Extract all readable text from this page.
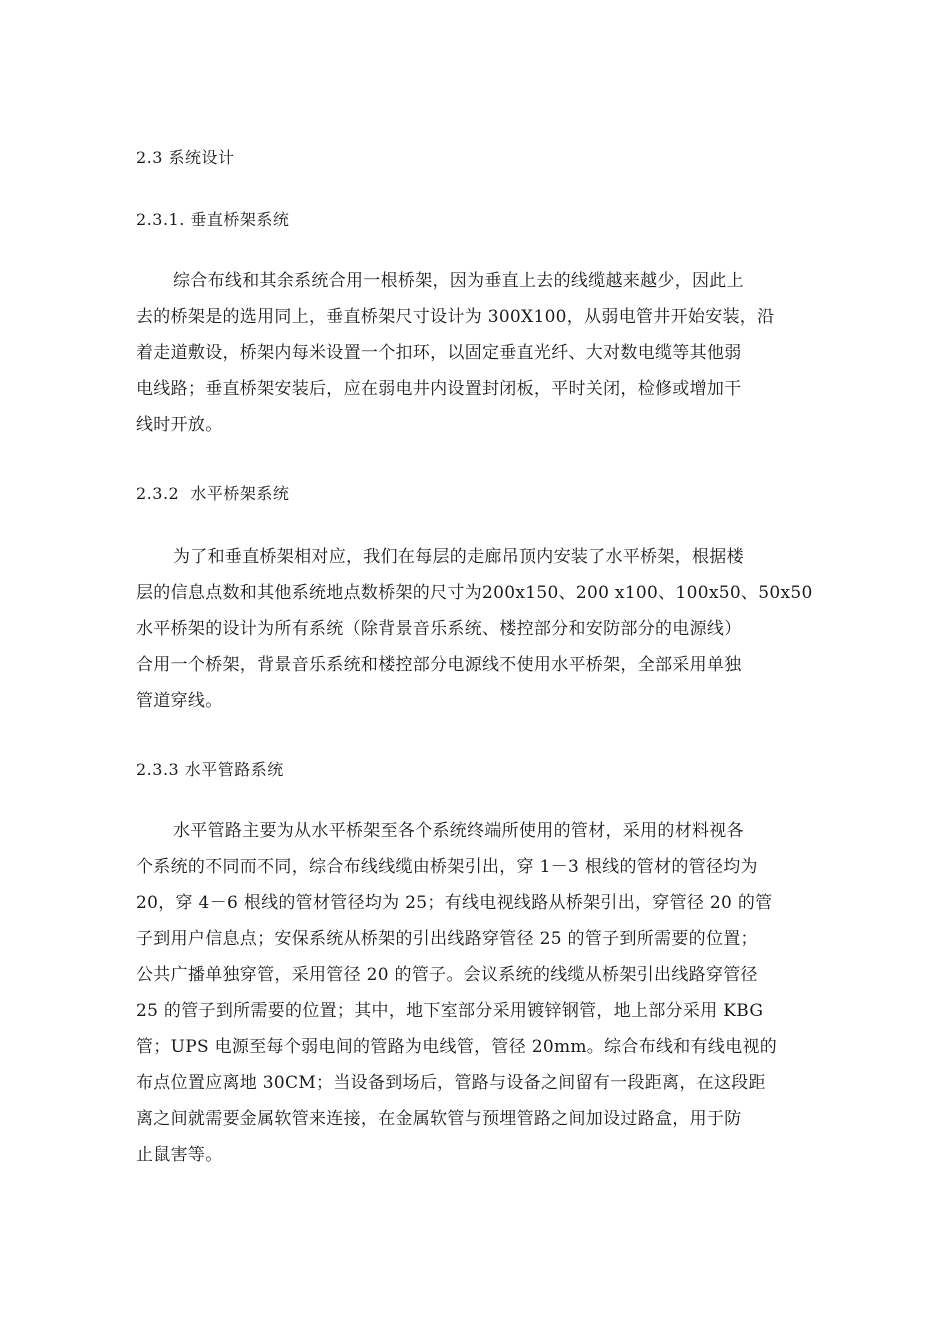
2.3 系统设计
2.3.1. 垂直桥架系统
综合布线和其余系统合用一根桥架，因为垂直上去的线缆越来越少，因此上
去的桥架是的选用同上，垂直桥架尺寸设计为 300X100，从弱电管井开始安装，沿
着走道敷设，桥架内每米设置一个扣环，以固定垂直光纤、大对数电缆等其他弱
电线路；垂直桥架安装后，应在弱电井内设置封闭板，平时关闭，检修或增加干
线时开放。
2.3.2  水平桥架系统
为了和垂直桥架相对应，我们在每层的走廊吊顶内安装了水平桥架，根据楼
层的信息点数和其他系统地点数桥架的尺寸为200x150、200 x100、100x50、50x50
水平桥架的设计为所有系统（除背景音乐系统、楼控部分和安防部分的电源线）
合用一个桥架，背景音乐系统和楼控部分电源线不使用水平桥架，全部采用单独
管道穿线。
2.3.3 水平管路系统
水平管路主要为从水平桥架至各个系统终端所使用的管材，采用的材料视各
个系统的不同而不同，综合布线线缆由桥架引出，穿 1－3 根线的管材的管径均为
20，穿 4－6 根线的管材管径均为 25；有线电视线路从桥架引出，穿管径 20 的管
子到用户信息点；安保系统从桥架的引出线路穿管径 25 的管子到所需要的位置；
公共广播单独穿管，采用管径 20 的管子。会议系统的线缆从桥架引出线路穿管径
25 的管子到所需要的位置；其中，地下室部分采用镀锌钢管，地上部分采用 KBG
管；UPS 电源至每个弱电间的管路为电线管，管径 20mm。综合布线和有线电视的
布点位置应离地 30CM；当设备到场后，管路与设备之间留有一段距离，在这段距
离之间就需要金属软管来连接，在金属软管与预埋管路之间加设过路盒，用于防
止鼠害等。
